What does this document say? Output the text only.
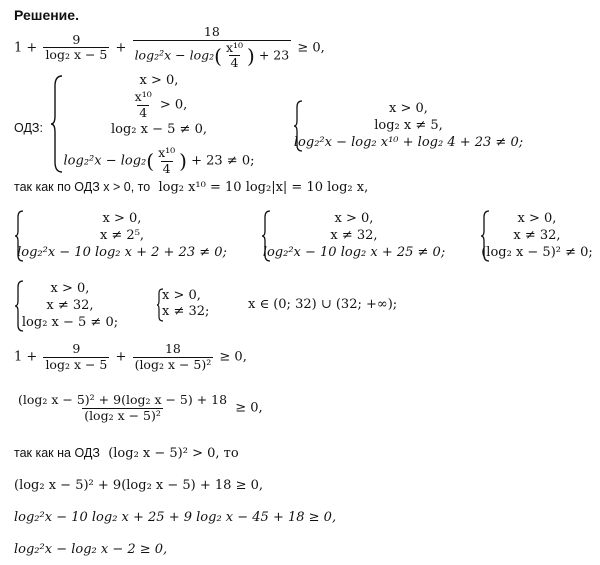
Решение.
$1 + \frac{9}{\text{log₂ x − 5}} + \frac{18}{\log_2^2x - \log_2( \frac{\text{x¹⁰}}{4} ) + 23} \ge 0$,
ОДЗ:
x > 0,
$\frac{\text{x¹⁰}}{4} > 0$,
log₂ x − 5 ≠ 0,
$\log_2^2x - \log_2( \frac{\text{x¹⁰}}{4}$ ) + 23 ≠ 0;
x > 0,
log₂ x ≠ 5,
log₂²x − log₂ x¹⁰ + log₂ 4 + 23 ≠ 0;
так как по ОДЗ x > 0, то log₂ x¹⁰ = 10 log₂|x| = 10 log₂ x,
x > 0,
x ≠ 2⁵,
log₂²x − 10 log₂ x + 2 + 23 ≠ 0;
x > 0,
x ≠ 32,
log₂²x − 10 log₂ x + 25 ≠ 0;
x > 0,
x ≠ 32,
(log₂ x − 5)² ≠ 0;
x > 0,
x ≠ 32,
log₂ x − 5 ≠ 0;
x > 0,
x ≠ 32;	x ∈ (0; 32) ∪ (32; +∞);
$1 + \frac{9}{\text{log₂ x − 5}} + \frac{18}{\text{(log₂ x − 5)²}} \ge 0$,
$\frac{\text{(log₂ x − 5)² + 9(log₂ x − 5) + 18}}{\text{(log₂ x − 5)²}} \ge 0$,
так как на ОДЗ (log₂ x − 5)² > 0, то
(log₂ x − 5)² + 9(log₂ x − 5) + 18 ≥ 0,
log₂²x − 10 log₂ x + 25 + 9 log₂ x − 45 + 18 ≥ 0,
log₂²x − log₂ x − 2 ≥ 0,
